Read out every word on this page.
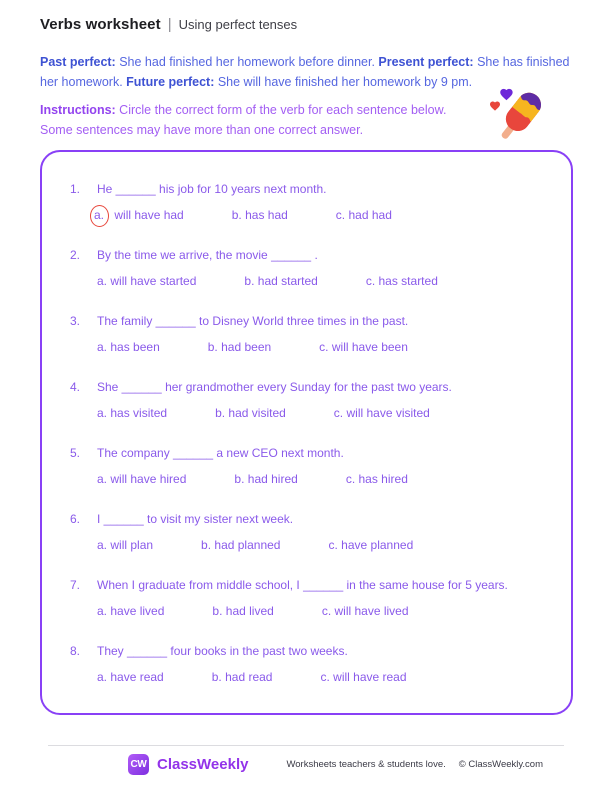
Verbs worksheet | Using perfect tenses

Past perfect: She had finished her homework before dinner. Present perfect: She has finished her homework. Future perfect: She will have finished her homework by 9 pm.

Instructions: Circle the correct form of the verb for each sentence below. Some sentences may have more than one correct answer.

1.	He ______ his job for 10 years next month.
a. will have had	b. has had	c. had had
2.	By the time we arrive, the movie ______ .
a. will have started	b. had started	c. has started
3.	The family ______ to Disney World three times in the past.
a. has been	b. had been	c. will have been
4.	She ______ her grandmother every Sunday for the past two years.
a. has visited	b. had visited	c. will have visited
5.	The company ______ a new CEO next month.
a. will have hired	b. had hired	c. has hired
6.	I ______ to visit my sister next week.
a. will plan	b. had planned	c. have planned
7.	When I graduate from middle school, I ______ in the same house for 5 years.
a. have lived	b. had lived	c. will have lived
8.	They ______ four books in the past two weeks.
a. have read	b. had read	c. will have read
CW ClassWeekly	Worksheets teachers & students love. © ClassWeekly.com
